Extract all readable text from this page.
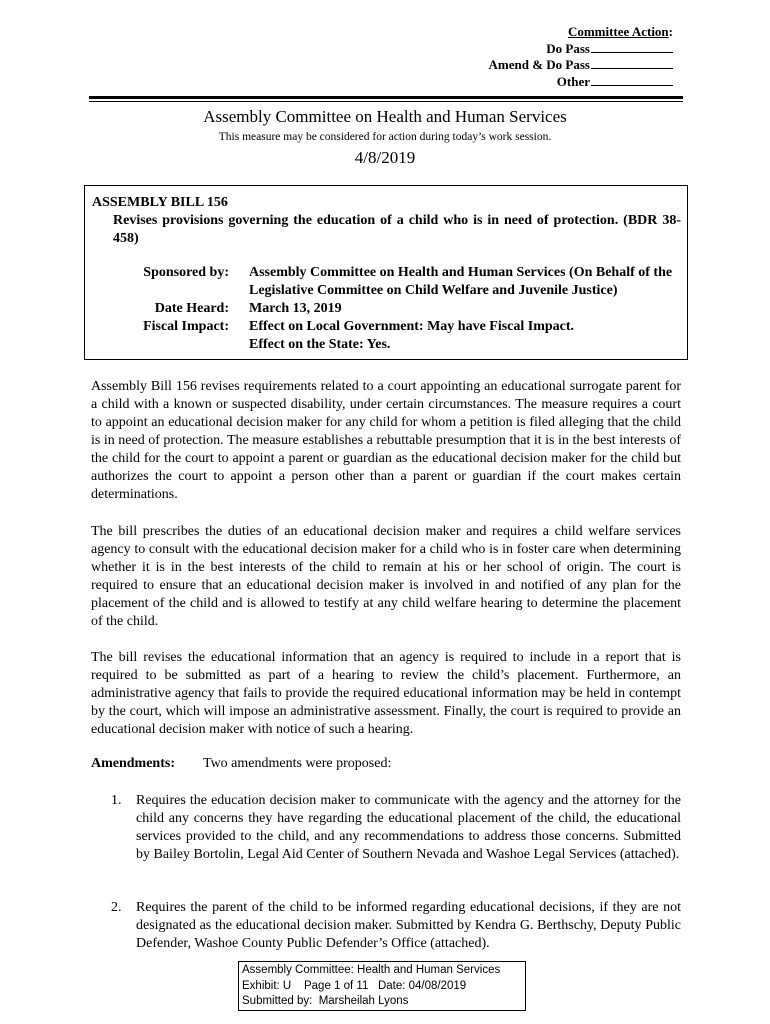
Committee Action:
Do Pass
Amend & Do Pass
Other
Assembly Committee on Health and Human Services
This measure may be considered for action during today’s work session.
4/8/2019
ASSEMBLY BILL 156
Revises provisions governing the education of a child who is in need of protection. (BDR 38-458)
Sponsored by: Assembly Committee on Health and Human Services (On Behalf of the Legislative Committee on Child Welfare and Juvenile Justice)
Date Heard: March 13, 2019
Fiscal Impact: Effect on Local Government: May have Fiscal Impact.
Effect on the State: Yes.

Assembly Bill 156 revises requirements related to a court appointing an educational surrogate parent for a child with a known or suspected disability, under certain circumstances. The measure requires a court to appoint an educational decision maker for any child for whom a petition is filed alleging that the child is in need of protection. The measure establishes a rebuttable presumption that it is in the best interests of the child for the court to appoint a parent or guardian as the educational decision maker for the child but authorizes the court to appoint a person other than a parent or guardian if the court makes certain determinations.

The bill prescribes the duties of an educational decision maker and requires a child welfare services agency to consult with the educational decision maker for a child who is in foster care when determining whether it is in the best interests of the child to remain at his or her school of origin. The court is required to ensure that an educational decision maker is involved in and notified of any plan for the placement of the child and is allowed to testify at any child welfare hearing to determine the placement of the child.

The bill revises the educational information that an agency is required to include in a report that is required to be submitted as part of a hearing to review the child’s placement. Furthermore, an administrative agency that fails to provide the required educational information may be held in contempt by the court, which will impose an administrative assessment. Finally, the court is required to provide an educational decision maker with notice of such a hearing.

Amendments: Two amendments were proposed:
1. Requires the education decision maker to communicate with the agency and the attorney for the child any concerns they have regarding the educational placement of the child, the educational services provided to the child, and any recommendations to address those concerns. Submitted by Bailey Bortolin, Legal Aid Center of Southern Nevada and Washoe Legal Services (attached).
2. Requires the parent of the child to be informed regarding educational decisions, if they are not designated as the educational decision maker. Submitted by Kendra G. Berthschy, Deputy Public Defender, Washoe County Public Defender’s Office (attached).
Assembly Committee: Health and Human Services
Exhibit: U    Page 1 of 11   Date: 04/08/2019
Submitted by:  Marsheilah Lyons
